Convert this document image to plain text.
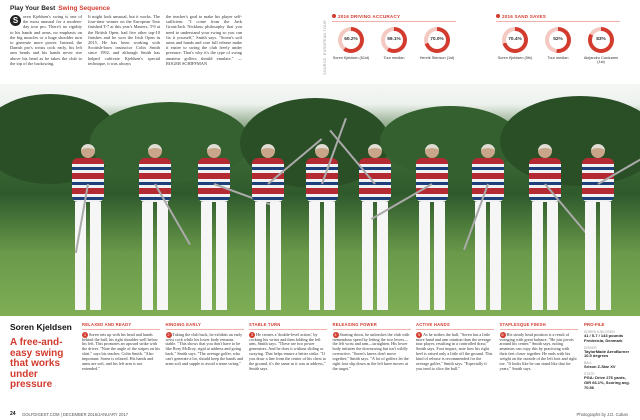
Play Your Best Swing Sequence
S	oren Kjeldsen's swing is one of the most unusual for a modern-day tour pro. There's no rigidity to his hands and arms, no emphasis on the big muscles or a huge shoulder turn to generate more power. Instead, the Danish pro's wrists cock early, his left arm bends and his hands never rise above his head as he takes the club to the top of the backswing.
It might look unusual, but it works. The four-time winner on the European Tour finished T-7 at this year's Masters, T-9 at the British Open, had five other top-10 finishes and he won the Irish Open in 2015. He has been working with Scottish-born instructor Colin Smith since 1992, and although Smith has helped cultivate Kjeldsen's special technique, it was always
the teacher's goal to make his player self-sufficient. "I come from the Jack Grout/Jack Nicklaus philosophy that you need to understand your swing so you can fix it yourself," Smith says. "Soren's soft arms and hands and core full release make it easier to swing the club freely under pressure. That's why it's the type of swing amateur golfers should emulate." —ROGER SCHIFFMAN	SOURCE: EUROPEAN TOUR
2016 DRIVING ACCURACY
60.2%
Soren Kjeldsen (51st)
59.1%
Tour median
70.0%
Henrik Stenson (1st)
2016 SAND SAVES
70.4%
Soren Kjeldsen (5th)
52%
Tour median
83%
Alejandro Canizares (1st)
Soren Kjeldsen
A free-and-easy swing that works under pressure
RELAXED AND READY

1 Soren sets up with his head and hands behind the ball, his right shoulder well below his left. This promotes an upward strike with the driver. "Note the angle of the stripes on his shirt," says his teacher, Colin Smith. "Also important: Soren is relaxed. His hands and arms are soft, and his left arm is not extended."

HINGING EARLY

2 Taking the club back, he exhibits an early wrist cock while his lower body remains stable. "This shows that you don't have to be like Rory McIlroy, rigid at address and going back," Smith says. "The average golfer, who can't generate a lot, should keep the hands and arms soft and supple to avoid a tense swing."

STABLE TURN

3 He creates a 'double-level action,' by cocking his wrists and then folding the left arm, Smith says. "These are two power generators. And he does it without sliding or swaying. That helps ensure a better strike. "If you draw a line from the center of his chest to the ground, it's the same as it was at address," Smith says.

RELEASING POWER

4 Starting down, he unleashes the club with tremendous speed by letting the two levers—the left wrist and arm—straighten. His lower body initiates the downswing but isn't wildly overactive. "Soren's knees don't move together," Smith says. "A lot of golfers let the right foot slip down as the left knee moves at the target."

ACTIVE HANDS

5 As he strikes the ball, "Soren has a little more hand and arm rotation than the average tour player, resulting in a controlled draw," Smith says. Foot impact, note how his right heel is raised only a little off the ground. This kind of release is recommended for the average golfer," Smith says. "Especially if you tend to slice the ball."

STAPLESQUE FINISH

6 His steady head position is a result of swinging with great balance. "He just pivots around his center," Smith says, noting amateurs can copy this by practicing with their feet closer together. He ends with his weight on the outside of the left foot and right toe. "It looks like he can stand like that for years," Smith says.

PRO-FILE
SOREN KJELDSEN
41 / 5-7 / 143 pounds Fredericia, Denmark
DRIVER
TaylorMade AeroBurner 10.5 degrees
BALL
Srixon Z-Star XV
STATS
PGA: Drive 276 yards, GIR 66.1%, Scoring avg. 70.56
24 GOLFDIGEST.COM | DECEMBER 2016/JANUARY 2017	Photographs by J.D. Cuban
